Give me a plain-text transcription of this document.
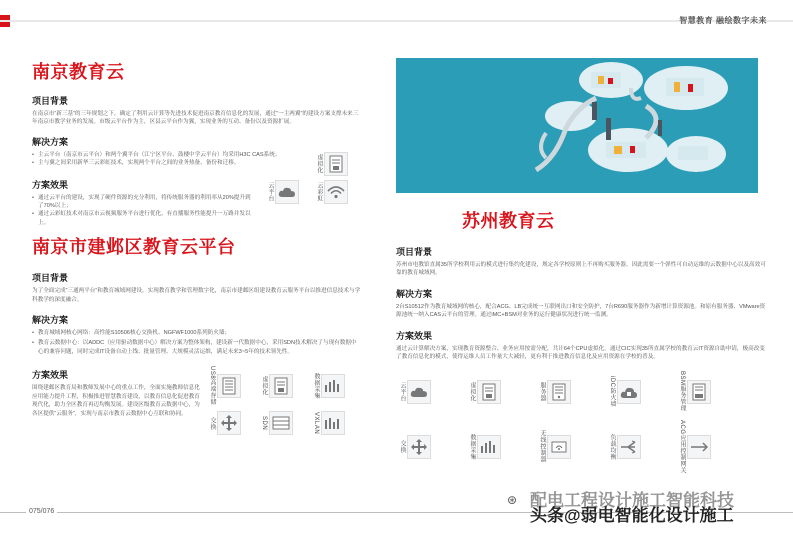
智慧教育 融绘数字未来
南京教育云
项目背景
在南京市“新三基”的三年规划之下，确定了利用云计算等先进技术促进南京教育信息化的发展，通过“一主两翼”的建设方案支撑未来三年南京市教学业务的发展。市级云平台作为主，区县云平台作为翼，实现业务的互动、备份以及资源扩展。
解决方案
• 主云平台（南京市云平台）和两个翼平台（江宁区平台、鼓楼中学云平台）均采用H3C CAS系统；
• 主与翼之间采用新华三云彩虹技术，实现两个平台之间的业务热备、备份和迁移。
方案效果
• 通过云平台的建设，实现了硬件资源的充分利用，将传统服务器的利用率从20%提升到了70%以上；
• 通过云彩虹技术对南京市云视频服务平台进行优化，有直播服务性能提升一万路并发以上。
虚拟化
云平台	云彩虹
南京市建邺区教育云平台
项目背景
为了全面完成“三通两平台”和教育城域网建设，实现教育教学和管理数字化，南京市建邺区组建设教育云服务平台以推进信息技术与学科教学的深度融合。
解决方案
• 教育城域网核心网络：高性能S10506核心交换机、NGFWF1000系列防火墙；
• 教育云数据中心：以ADDC（应用驱动数据中心）解决方案为整体架构，建设新一代数据中心，采用SDN技术解决了与现有数据中心的兼容问题，同时完成IT设备自动上线、批量管理、大规模灵活运维，满足未来3~5年的技术领先性。
方案效果
围绕建邺区教育局和教师发展中心的重点工作，全面实施教师信息化应用能力提升工程，积极推进智慧教育建设，以教育信息化促进教育现代化，助力全区教育再迈均衡发展。建设区级教育云数据中心，为各区提供“云服务”，实现与南京市教育云数据中心互联和协同。
US8高端存储	虚拟化	数据采集
交换	SDN	VXLAN
苏州教育云
项目背景
苏州市电教馆直属35所学校利用云的模式进行集约化建设，规定各学校原则上不再购买服务器，因此需要一个弹性可自动运维的云数据中心以及高效可靠的教育城域网。
解决方案
2台S10512作为教育城域网的核心，配合ACG、LB完成统一互联网出口和安全防护，7台R690服务器作为新增计算资源池。和原有服务器、VMware资源池统一纳入CAS云平台的管理。通过iMC+BSM对业务的运行健康状况进行统一监测。
方案效果
通过云计算解决方案，实现教育资源整合、业务应用按需分配，共计64个CPU虚拟化。通过CIC实现35所直属学校的教育云IT资源自助申请，极高改变了教育信息化的模式，使得运维人员工作量大大减轻，更有利于推进教育信息化及应用资源在学校的普及。
云平台	虚拟化	服务器	iDC防火墙	BSM服务管理
交换	数据采集	无线控制器	负载均衡	ACG应用控制网关
075/076
⊛ 配电工程设计施工智能科技
头条@弱电智能化设计施工
